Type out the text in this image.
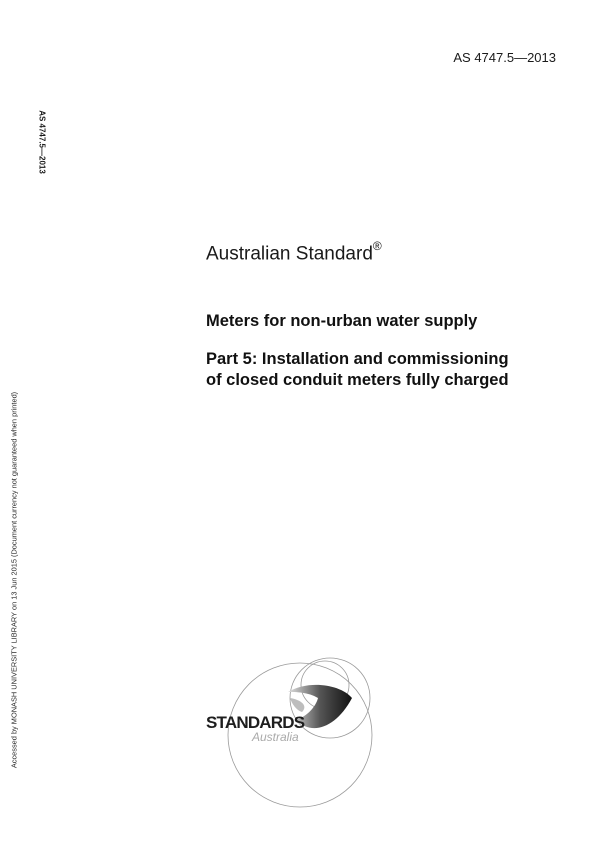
AS 4747.5—2013
AS 4747.5—2013
Accessed by MONASH UNIVERSITY LIBRARY on 13 Jun 2015 (Document currency not guaranteed when printed)
Australian Standard®
Meters for non-urban water supply
Part 5: Installation and commissioning
of closed conduit meters fully charged
STANDARDS
Australia
